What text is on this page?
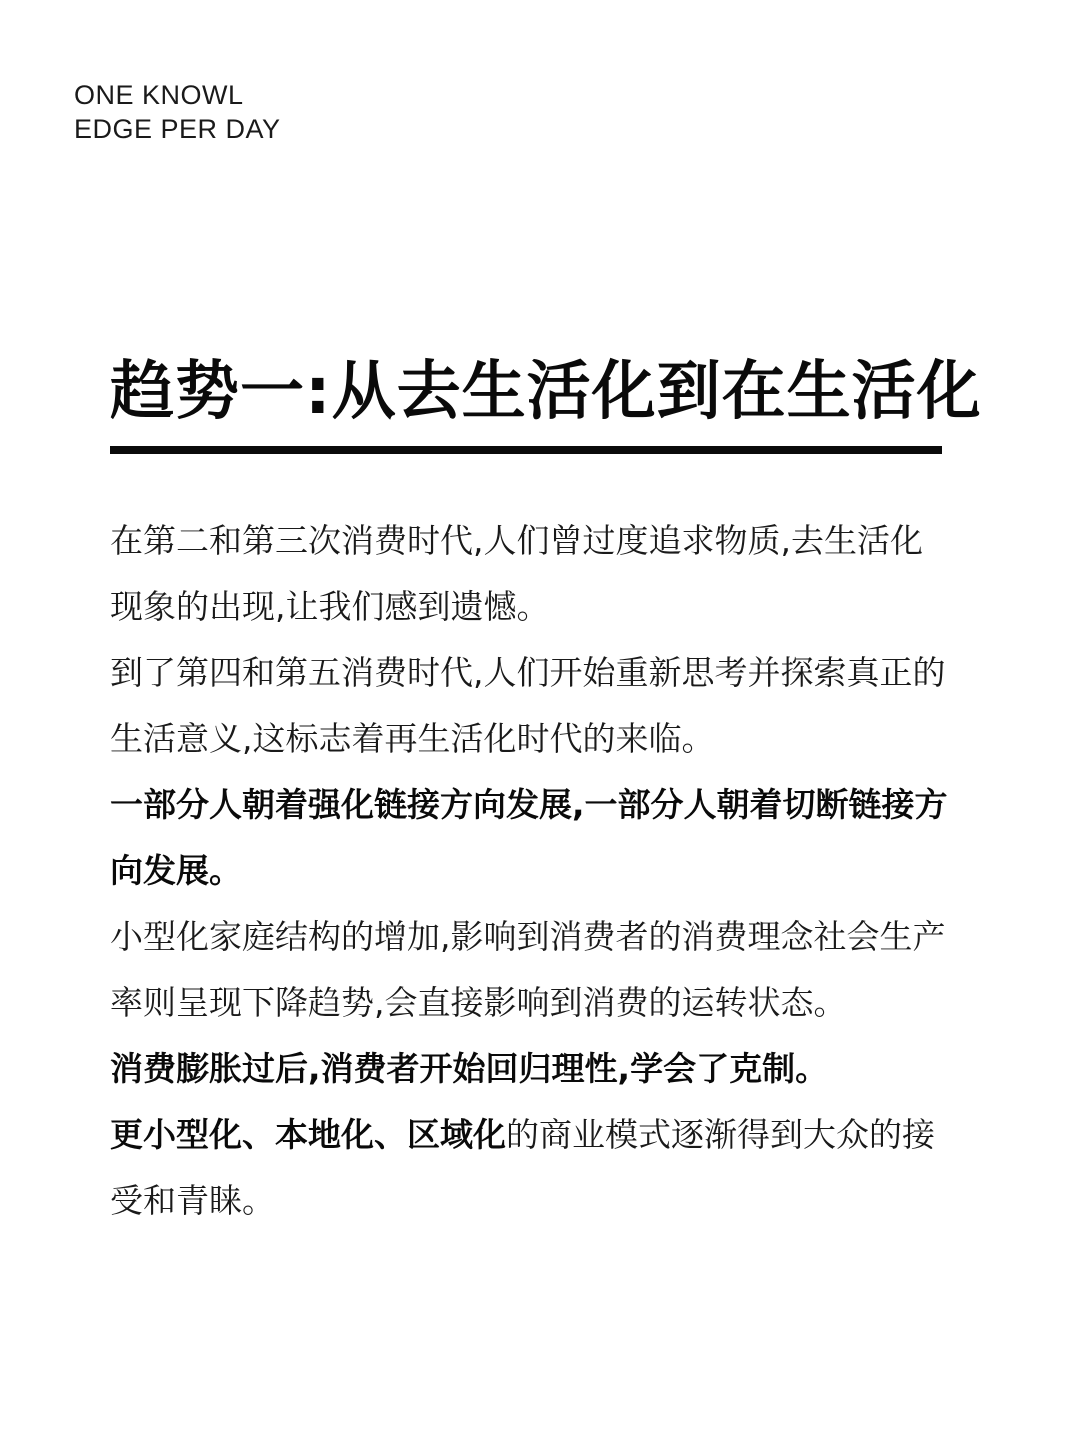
ONE KNOWL
EDGE PER DAY
趋势一:从去生活化到在生活化

在第二和第三次消费时代,人们曾过度追求物质,去生活化现象的出现,让我们感到遗憾。

到了第四和第五消费时代,人们开始重新思考并探索真正的生活意义,这标志着再生活化时代的来临。

一部分人朝着强化链接方向发展,一部分人朝着切断链接方向发展。

小型化家庭结构的增加,影响到消费者的消费理念社会生产率则呈现下降趋势,会直接影响到消费的运转状态。

消费膨胀过后,消费者开始回归理性,学会了克制。

更小型化、本地化、区域化的商业模式逐渐得到大众的接受和青睐。
